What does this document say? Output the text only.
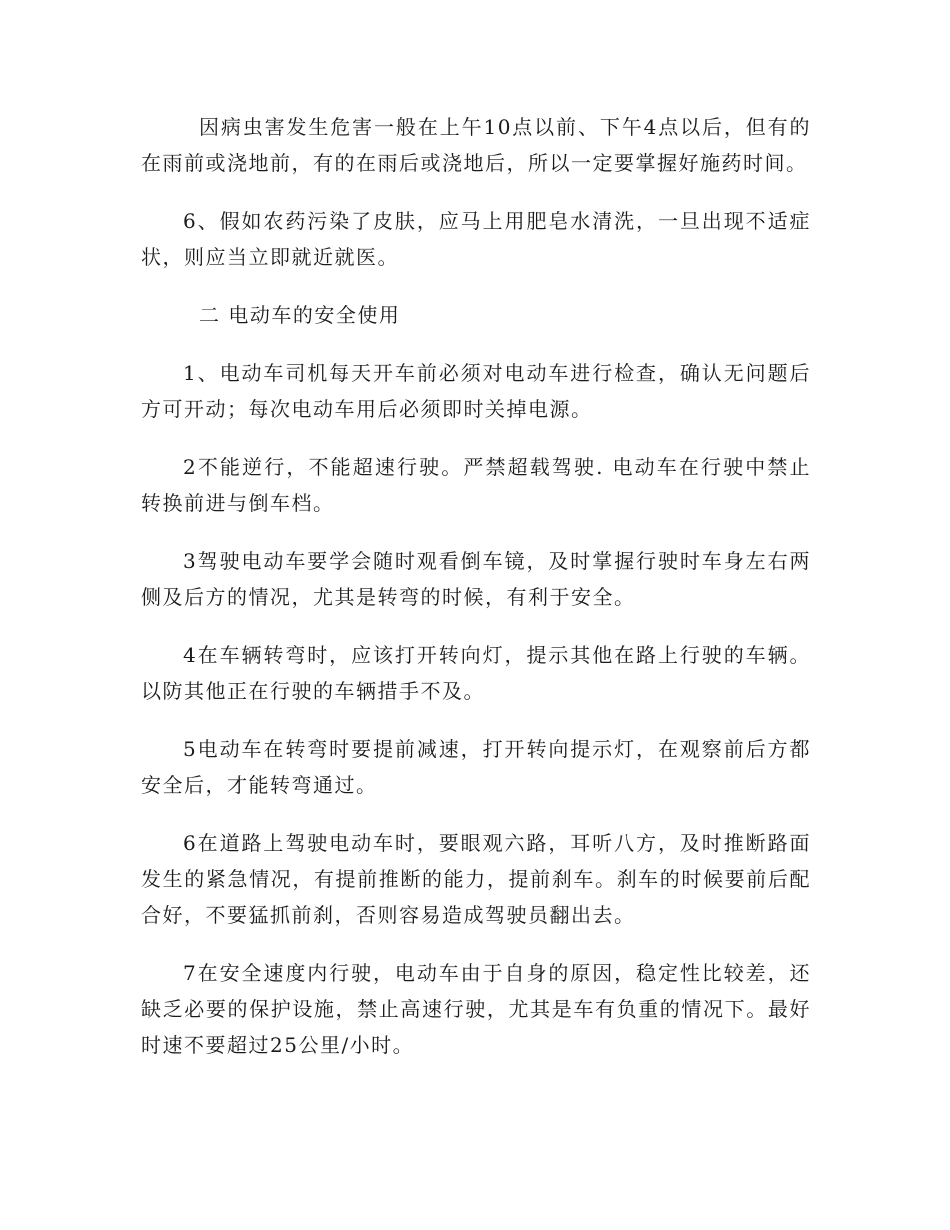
因病虫害发生危害一般在上午10点以前、下午4点以后，但有的在雨前或浇地前，有的在雨后或浇地后，所以一定要掌握好施药时间。

6、假如农药污染了皮肤，应马上用肥皂水清洗，一旦出现不适症状，则应当立即就近就医。

二 电动车的安全使用

1、电动车司机每天开车前必须对电动车进行检查，确认无问题后方可开动；每次电动车用后必须即时关掉电源。

2不能逆行，不能超速行驶。严禁超载驾驶. 电动车在行驶中禁止转换前进与倒车档。

3驾驶电动车要学会随时观看倒车镜，及时掌握行驶时车身左右两侧及后方的情况，尤其是转弯的时候，有利于安全。

4在车辆转弯时，应该打开转向灯，提示其他在路上行驶的车辆。以防其他正在行驶的车辆措手不及。

5电动车在转弯时要提前减速，打开转向提示灯，在观察前后方都安全后，才能转弯通过。

6在道路上驾驶电动车时，要眼观六路，耳听八方，及时推断路面发生的紧急情况，有提前推断的能力，提前刹车。刹车的时候要前后配合好，不要猛抓前刹，否则容易造成驾驶员翻出去。

7在安全速度内行驶，电动车由于自身的原因，稳定性比较差，还缺乏必要的保护设施，禁止高速行驶，尤其是车有负重的情况下。最好时速不要超过25公里/小时。
